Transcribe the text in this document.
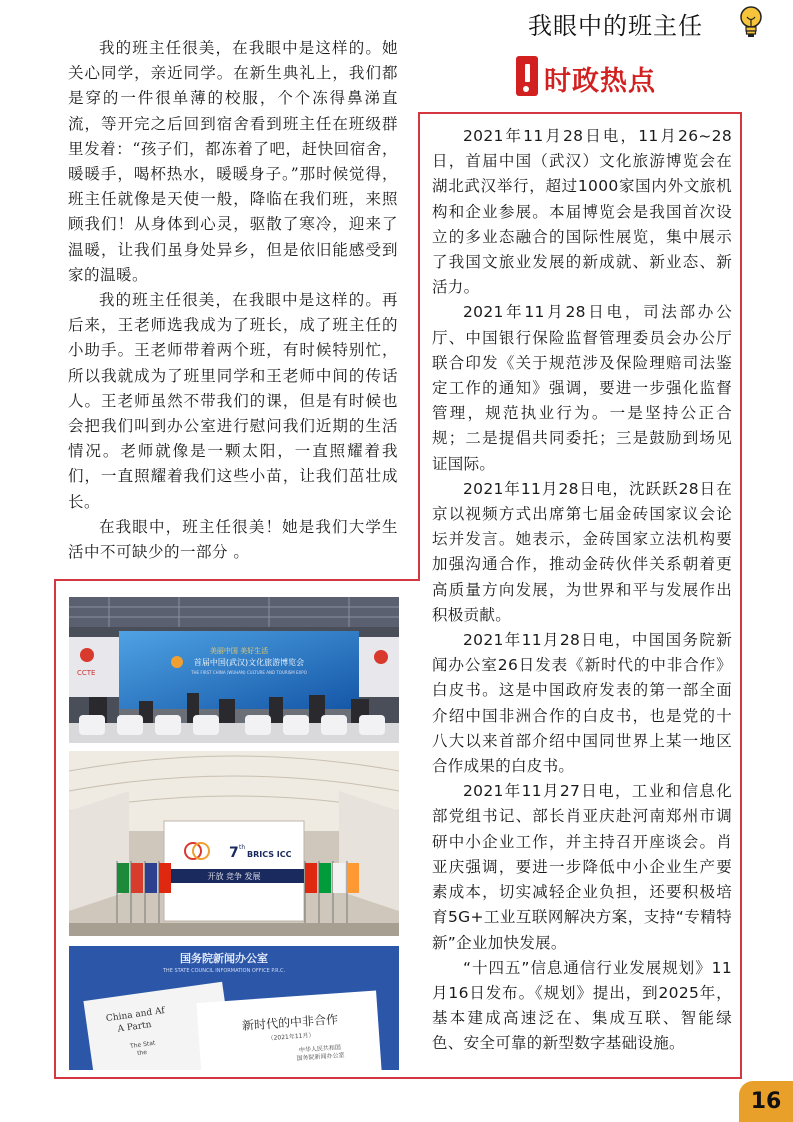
我眼中的班主任
时政热点

我的班主任很美，在我眼中是这样的。她关心同学，亲近同学。在新生典礼上，我们都是穿的一件很单薄的校服，个个冻得鼻涕直流，等开完之后回到宿舍看到班主任在班级群里发着：“孩子们，都冻着了吧，赶快回宿舍，暖暖手，喝杯热水，暖暖身子。”那时候觉得，班主任就像是天使一般，降临在我们班，来照顾我们！从身体到心灵，驱散了寒冷，迎来了温暖，让我们虽身处异乡，但是依旧能感受到家的温暖。

我的班主任很美，在我眼中是这样的。再后来，王老师选我成为了班长，成了班主任的小助手。王老师带着两个班，有时候特别忙，所以我就成为了班里同学和王老师中间的传话人。王老师虽然不带我们的课，但是有时候也会把我们叫到办公室进行慰问我们近期的生活情况。老师就像是一颗太阳，一直照耀着我们，一直照耀着我们这些小苗，让我们茁壮成长。

在我眼中，班主任很美！她是我们大学生活中不可缺少的一部分 。

2021年11月28日电，11月26~28日，首届中国（武汉）文化旅游博览会在湖北武汉举行，超过1000家国内外文旅机构和企业参展。本届博览会是我国首次设立的多业态融合的国际性展览，集中展示了我国文旅业发展的新成就、新业态、新活力。

2021年11月28日电，司法部办公厅、中国银行保险监督管理委员会办公厅联合印发《关于规范涉及保险理赔司法鉴定工作的通知》强调，要进一步强化监督管理，规范执业行为。一是坚持公正合规；二是提倡共同委托；三是鼓励到场见证国际。

2021年11月28日电，沈跃跃28日在京以视频方式出席第七届金砖国家议会论坛并发言。她表示，金砖国家立法机构要加强沟通合作，推动金砖伙伴关系朝着更高质量方向发展，为世界和平与发展作出积极贡献。

2021年11月28日电，中国国务院新闻办公室26日发表《新时代的中非合作》白皮书。这是中国政府发表的第一部全面介绍中国非洲合作的白皮书，也是党的十八大以来首部介绍中国同世界上某一地区合作成果的白皮书。

2021年11月27日电，工业和信息化部党组书记、部长肖亚庆赴河南郑州市调研中小企业工作，并主持召开座谈会。肖亚庆强调，要进一步降低中小企业生产要素成本，切实减轻企业负担，还要积极培育5G+工业互联网解决方案，支持“专精特新”企业加快发展。

“十四五”信息通信行业发展规划》11月16日发布。《规划》提出，到2025年，基本建成高速泛在、集成互联、智能绿色、安全可靠的新型数字基础设施。

CCTE
美丽中国 美好生活
首届中国(武汉)文化旅游博览会
THE FIRST CHINA (WUHAN) CULTURE AND TOURISM EXPO
7 th
BRICS ICC
开放 竞争 发展
国务院新闻办公室
THE STATE COUNCIL INFORMATION OFFICE P.R.C.
China and Af
A Partn
The Stat
the
新时代的中非合作
（2021年11月）
中华人民共和国
国务院新闻办公室
16
